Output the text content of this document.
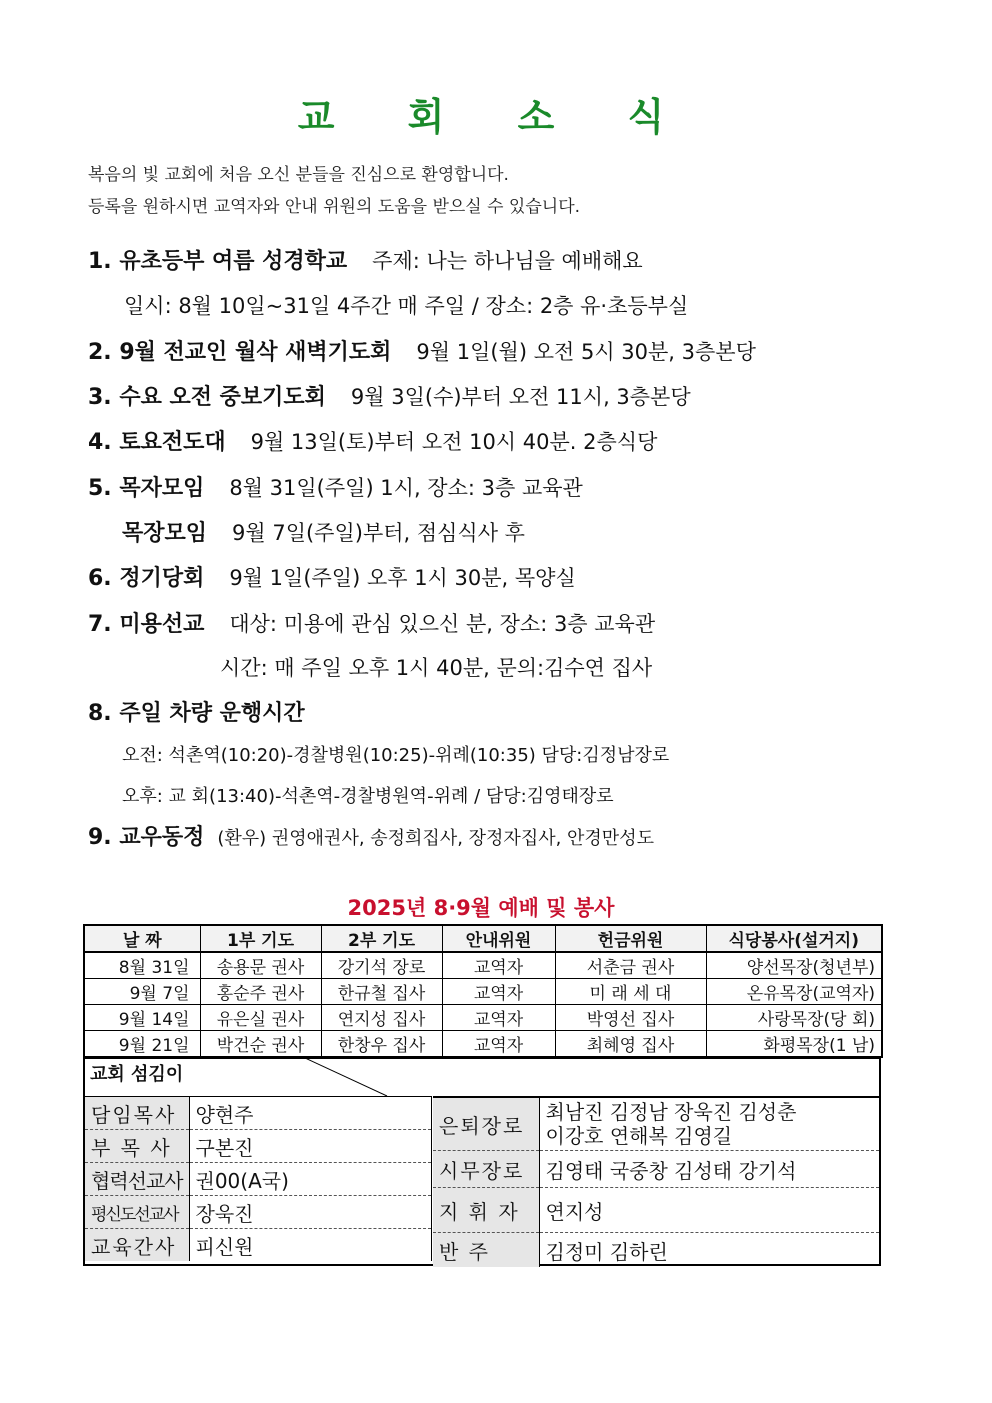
교 회 소 식
복음의 빛 교회에 처음 오신 분들을 진심으로 환영합니다.
등록을 원하시면 교역자와 안내 위원의 도움을 받으실 수 있습니다.
1. 유초등부 여름 성경학교 주제: 나는 하나님을 예배해요
일시: 8월 10일~31일 4주간 매 주일 / 장소: 2층 유·초등부실
2. 9월 전교인 월삭 새벽기도회 9월 1일(월) 오전 5시 30분, 3층본당
3. 수요 오전 중보기도회 9월 3일(수)부터 오전 11시, 3층본당
4. 토요전도대 9월 13일(토)부터 오전 10시 40분. 2층식당
5. 목자모임 8월 31일(주일) 1시, 장소: 3층 교육관
목장모임 9월 7일(주일)부터, 점심식사 후
6. 정기당회 9월 1일(주일) 오후 1시 30분, 목양실
7. 미용선교 대상: 미용에 관심 있으신 분, 장소: 3층 교육관
시간: 매 주일 오후 1시 40분, 문의:김수연 집사
8. 주일 차량 운행시간
오전: 석촌역(10:20)-경찰병원(10:25)-위례(10:35) 담당:김정남장로
오후: 교 회(13:40)-석촌역-경찰병원역-위례 / 담당:김영태장로
9. 교우동정 (환우) 권영애권사, 송정희집사, 장정자집사, 안경만성도
2025년 8·9월 예배 및 봉사
날 짜	1부 기도	2부 기도	안내위원	헌금위원	식당봉사(설거지)
8월 31일	송용문 권사	강기석 장로	교역자	서춘금 권사	양선목장(청년부)
9월 7일	홍순주 권사	한규철 집사	교역자	미 래 세 대	온유목장(교역자)
9월 14일	유은실 권사	연지성 집사	교역자	박영선 집사	사랑목장(당 회)
9월 21일	박건순 권사	한창우 집사	교역자	최혜영 집사	화평목장(1 남)
교회 섬김이
담임목사	양현주
부 목 사	구본진
협력선교사	권00(A국)
평신도선교사	장욱진
교육간사	피신원
은퇴장로	최남진 김정남 장욱진 김성춘
이강호 연해복 김영길

시무장로	김영태 국중창 김성태 강기석
지 휘 자	연지성
반 주	김정미 김하린
